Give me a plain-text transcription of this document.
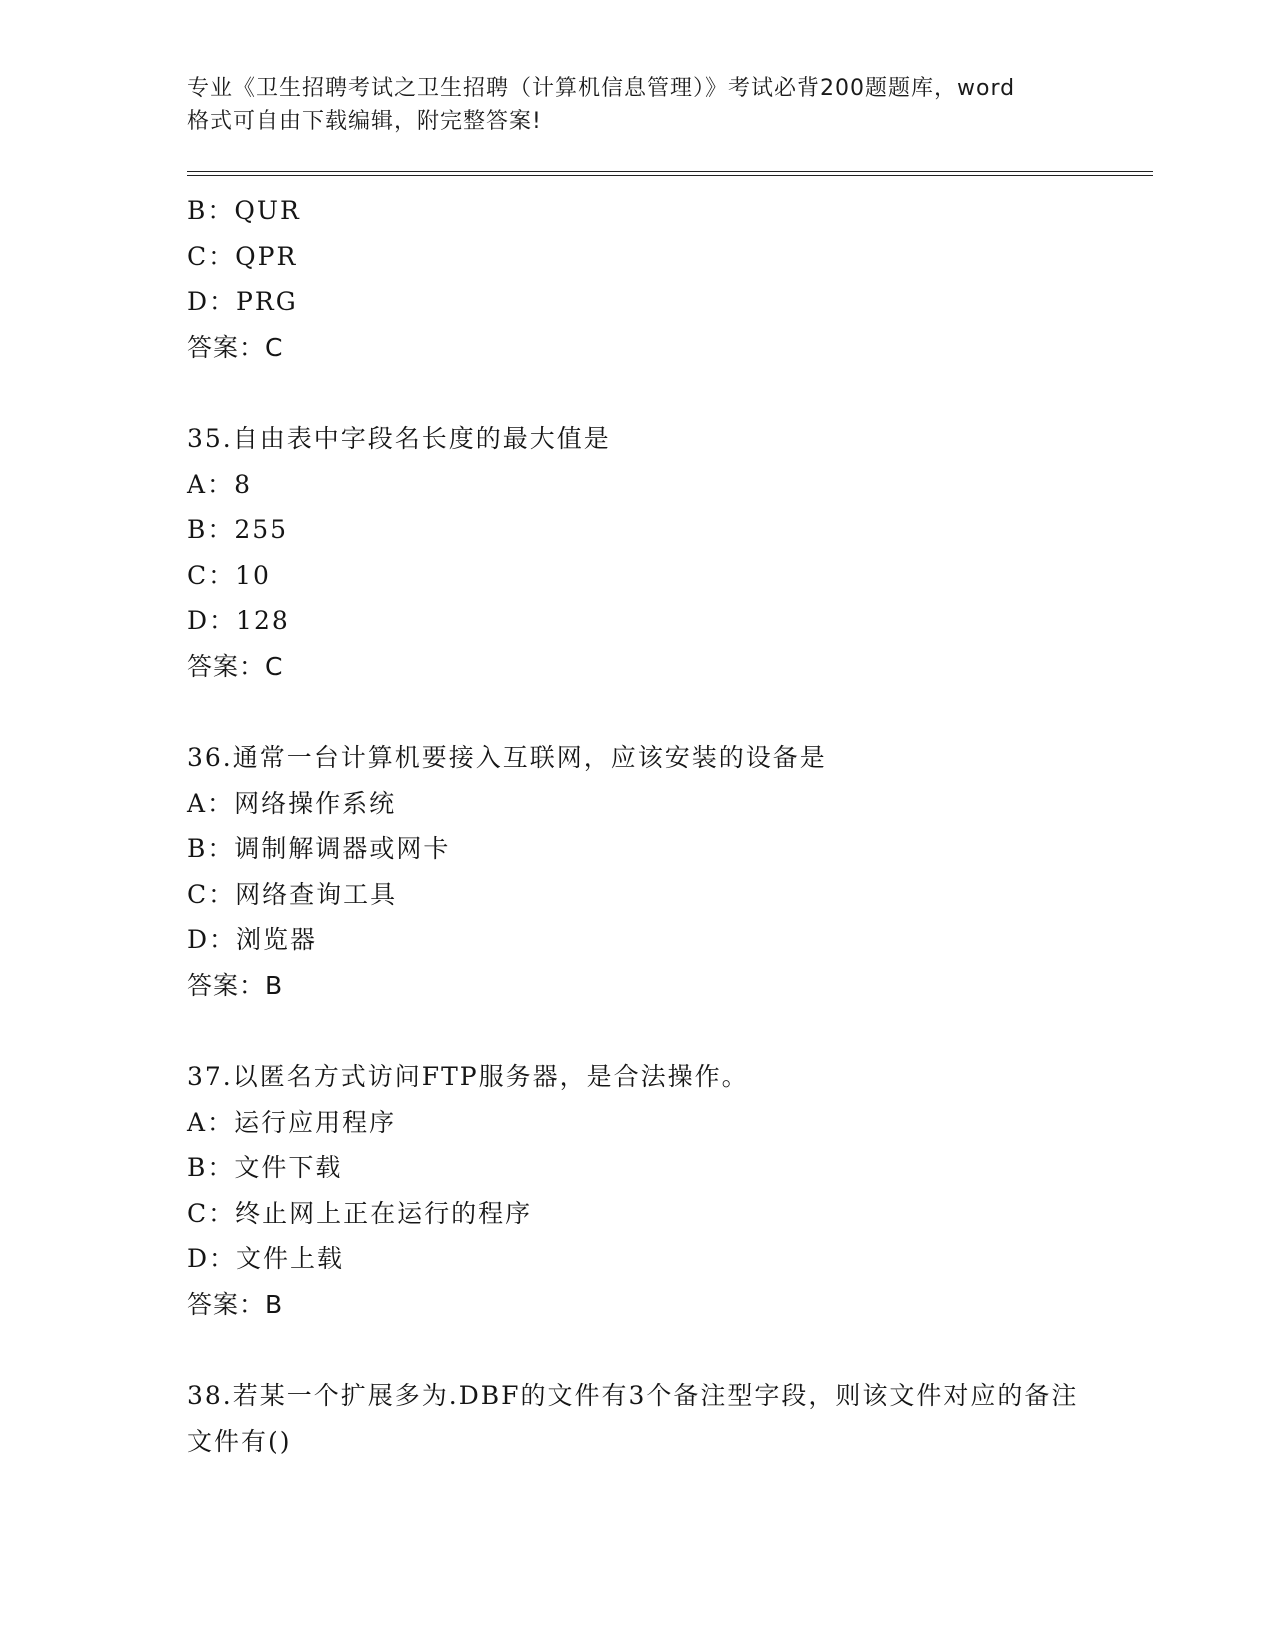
专业《卫生招聘考试之卫生招聘（计算机信息管理）》考试必背200题题库，word
格式可自由下载编辑，附完整答案!
B：QUR
C：QPR
D：PRG
答案：C
35.自由表中字段名长度的最大值是
A：8
B：255
C：10
D：128
答案：C
36.通常一台计算机要接入互联网，应该安装的设备是
A：网络操作系统
B：调制解调器或网卡
C：网络查询工具
D：浏览器
答案：B
37.以匿名方式访问FTP服务器，是合法操作。
A：运行应用程序
B：文件下载
C：终止网上正在运行的程序
D：文件上载
答案：B
38.若某一个扩展多为.DBF的文件有3个备注型字段，则该文件对应的备注文件有()
